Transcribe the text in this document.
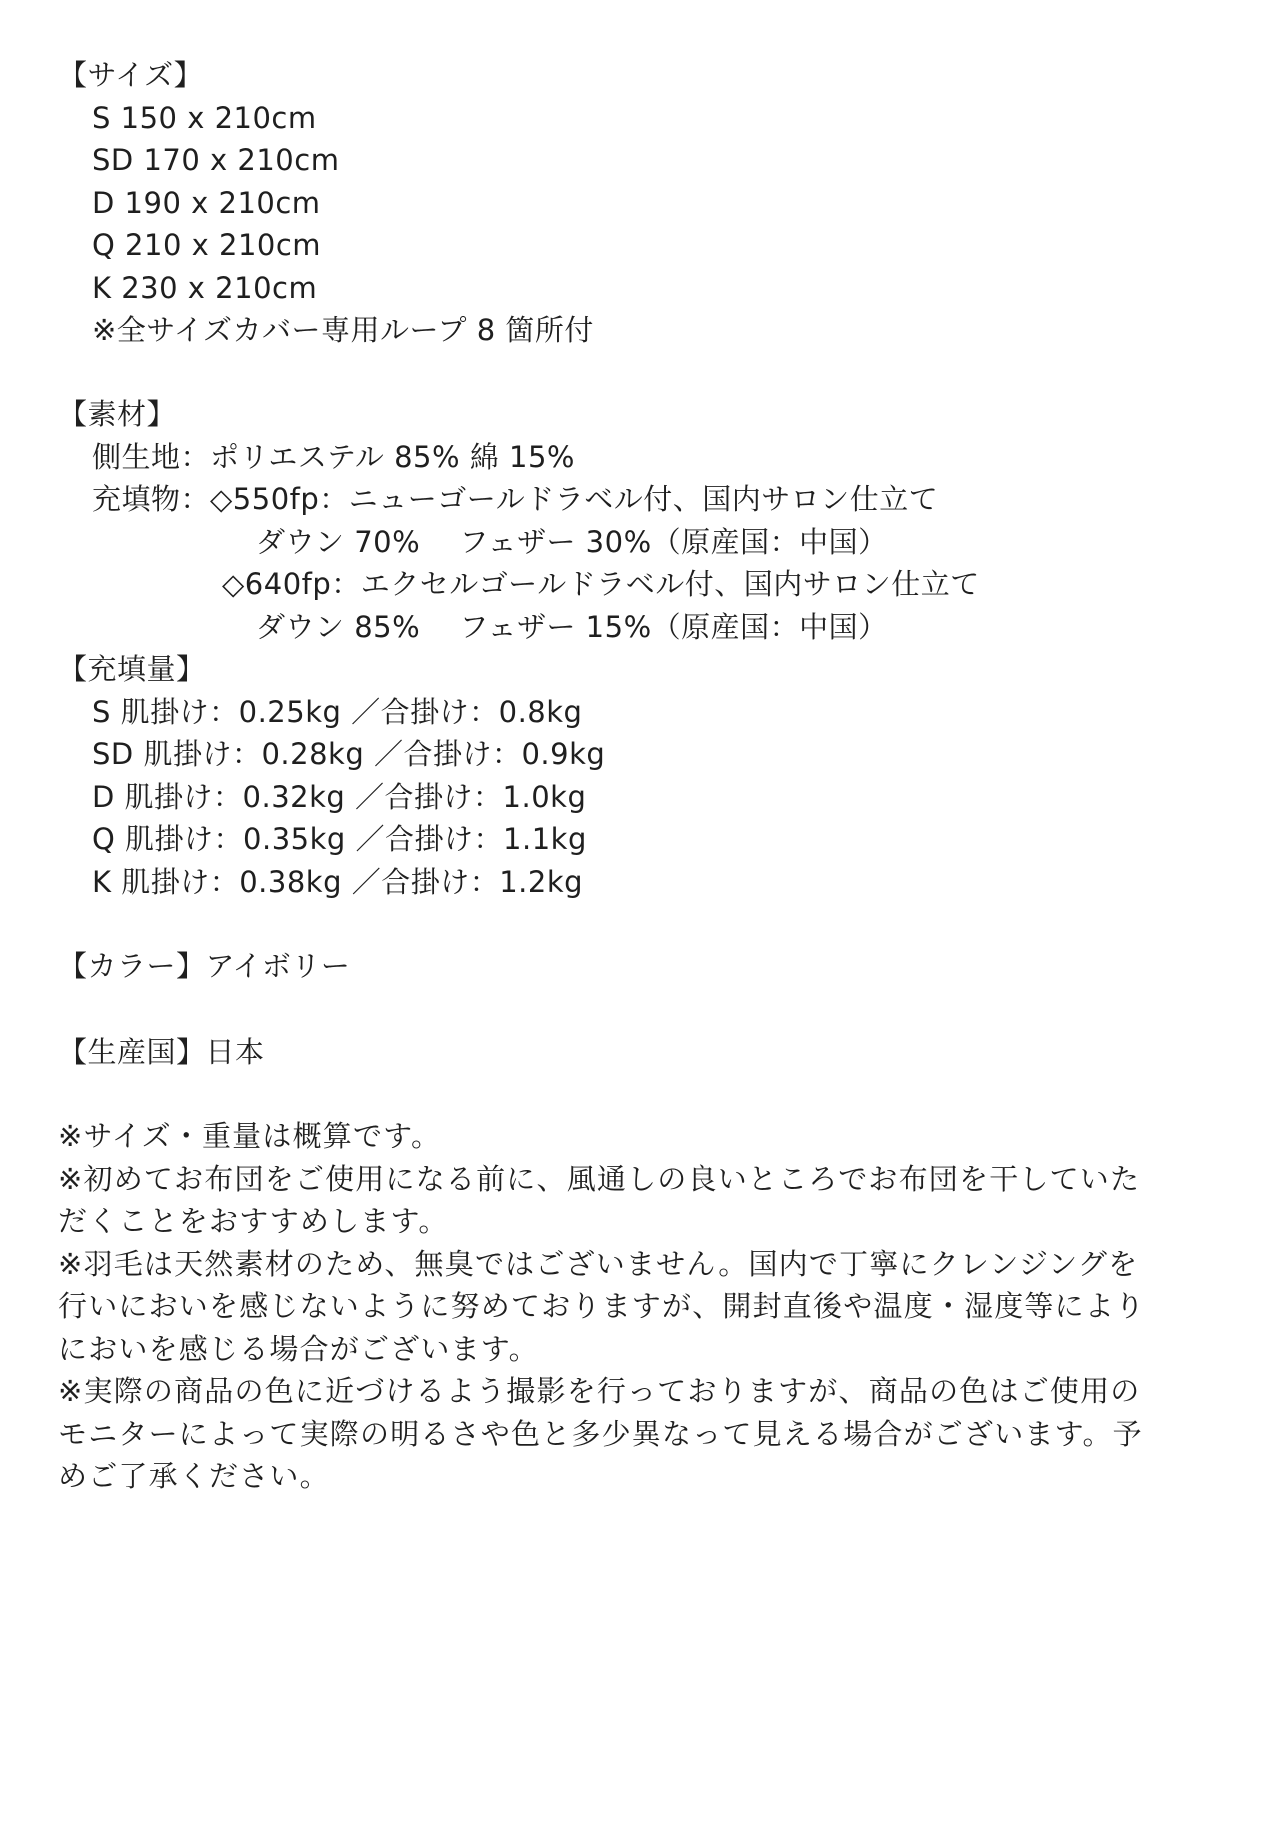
【サイズ】
S 150 x 210cm
SD 170 x 210cm
D 190 x 210cm
Q 210 x 210cm
K 230 x 210cm
※全サイズカバー専用ループ 8 箇所付
【素材】
側生地：ポリエステル 85% 綿 15%
充填物：◇550fp：ニューゴールドラベル付、国内サロン仕立て
ダウン 70%　 フェザー 30%（原産国：中国）
◇640fp：エクセルゴールドラベル付、国内サロン仕立て
ダウン 85%　 フェザー 15%（原産国：中国）
【充填量】
S 肌掛け：0.25kg ／合掛け：0.8kg
SD 肌掛け：0.28kg ／合掛け：0.9kg
D 肌掛け：0.32kg ／合掛け：1.0kg
Q 肌掛け：0.35kg ／合掛け：1.1kg
K 肌掛け：0.38kg ／合掛け：1.2kg
【カラー】アイボリー
【生産国】日本
※サイズ・重量は概算です。
※初めてお布団をご使用になる前に、風通しの良いところでお布団を干していた
だくことをおすすめします。
※羽毛は天然素材のため、無臭ではございません。国内で丁寧にクレンジングを
行いにおいを感じないように努めておりますが、開封直後や温度・湿度等により
においを感じる場合がございます。
※実際の商品の色に近づけるよう撮影を行っておりますが、商品の色はご使用の
モニターによって実際の明るさや色と多少異なって見える場合がございます。予
めご了承ください。
